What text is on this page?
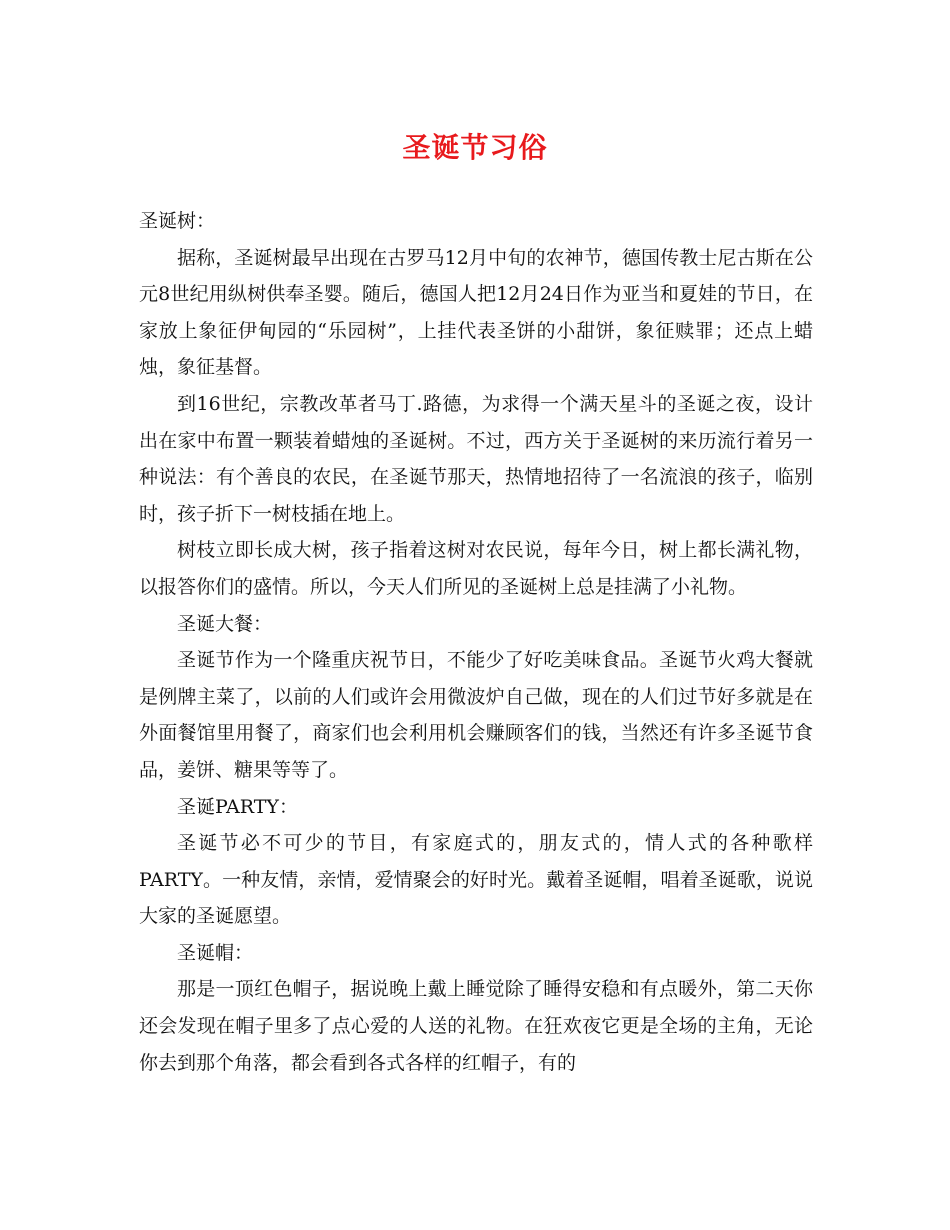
圣诞节习俗

圣诞树：

据称，圣诞树最早出现在古罗马12月中旬的农神节，德国传教士尼古斯在公元8世纪用纵树供奉圣婴。随后，德国人把12月24日作为亚当和夏娃的节日，在家放上象征伊甸园的“乐园树”，上挂代表圣饼的小甜饼，象征赎罪；还点上蜡烛，象征基督。

到16世纪，宗教改革者马丁.路德，为求得一个满天星斗的圣诞之夜，设计出在家中布置一颗装着蜡烛的圣诞树。不过，西方关于圣诞树的来历流行着另一种说法：有个善良的农民，在圣诞节那天，热情地招待了一名流浪的孩子，临别时，孩子折下一树枝插在地上。

树枝立即长成大树，孩子指着这树对农民说，每年今日，树上都长满礼物，以报答你们的盛情。所以，今天人们所见的圣诞树上总是挂满了小礼物。

圣诞大餐：

圣诞节作为一个隆重庆祝节日，不能少了好吃美味食品。圣诞节火鸡大餐就是例牌主菜了，以前的人们或许会用微波炉自己做，现在的人们过节好多就是在外面餐馆里用餐了，商家们也会利用机会赚顾客们的钱，当然还有许多圣诞节食品，姜饼、糖果等等了。

圣诞PARTY：

圣诞节必不可少的节目，有家庭式的，朋友式的，情人式的各种歌样PARTY。一种友情，亲情，爱情聚会的好时光。戴着圣诞帽，唱着圣诞歌，说说大家的圣诞愿望。

圣诞帽：

那是一顶红色帽子，据说晚上戴上睡觉除了睡得安稳和有点暖外，第二天你还会发现在帽子里多了点心爱的人送的礼物。在狂欢夜它更是全场的主角，无论你去到那个角落，都会看到各式各样的红帽子，有的
